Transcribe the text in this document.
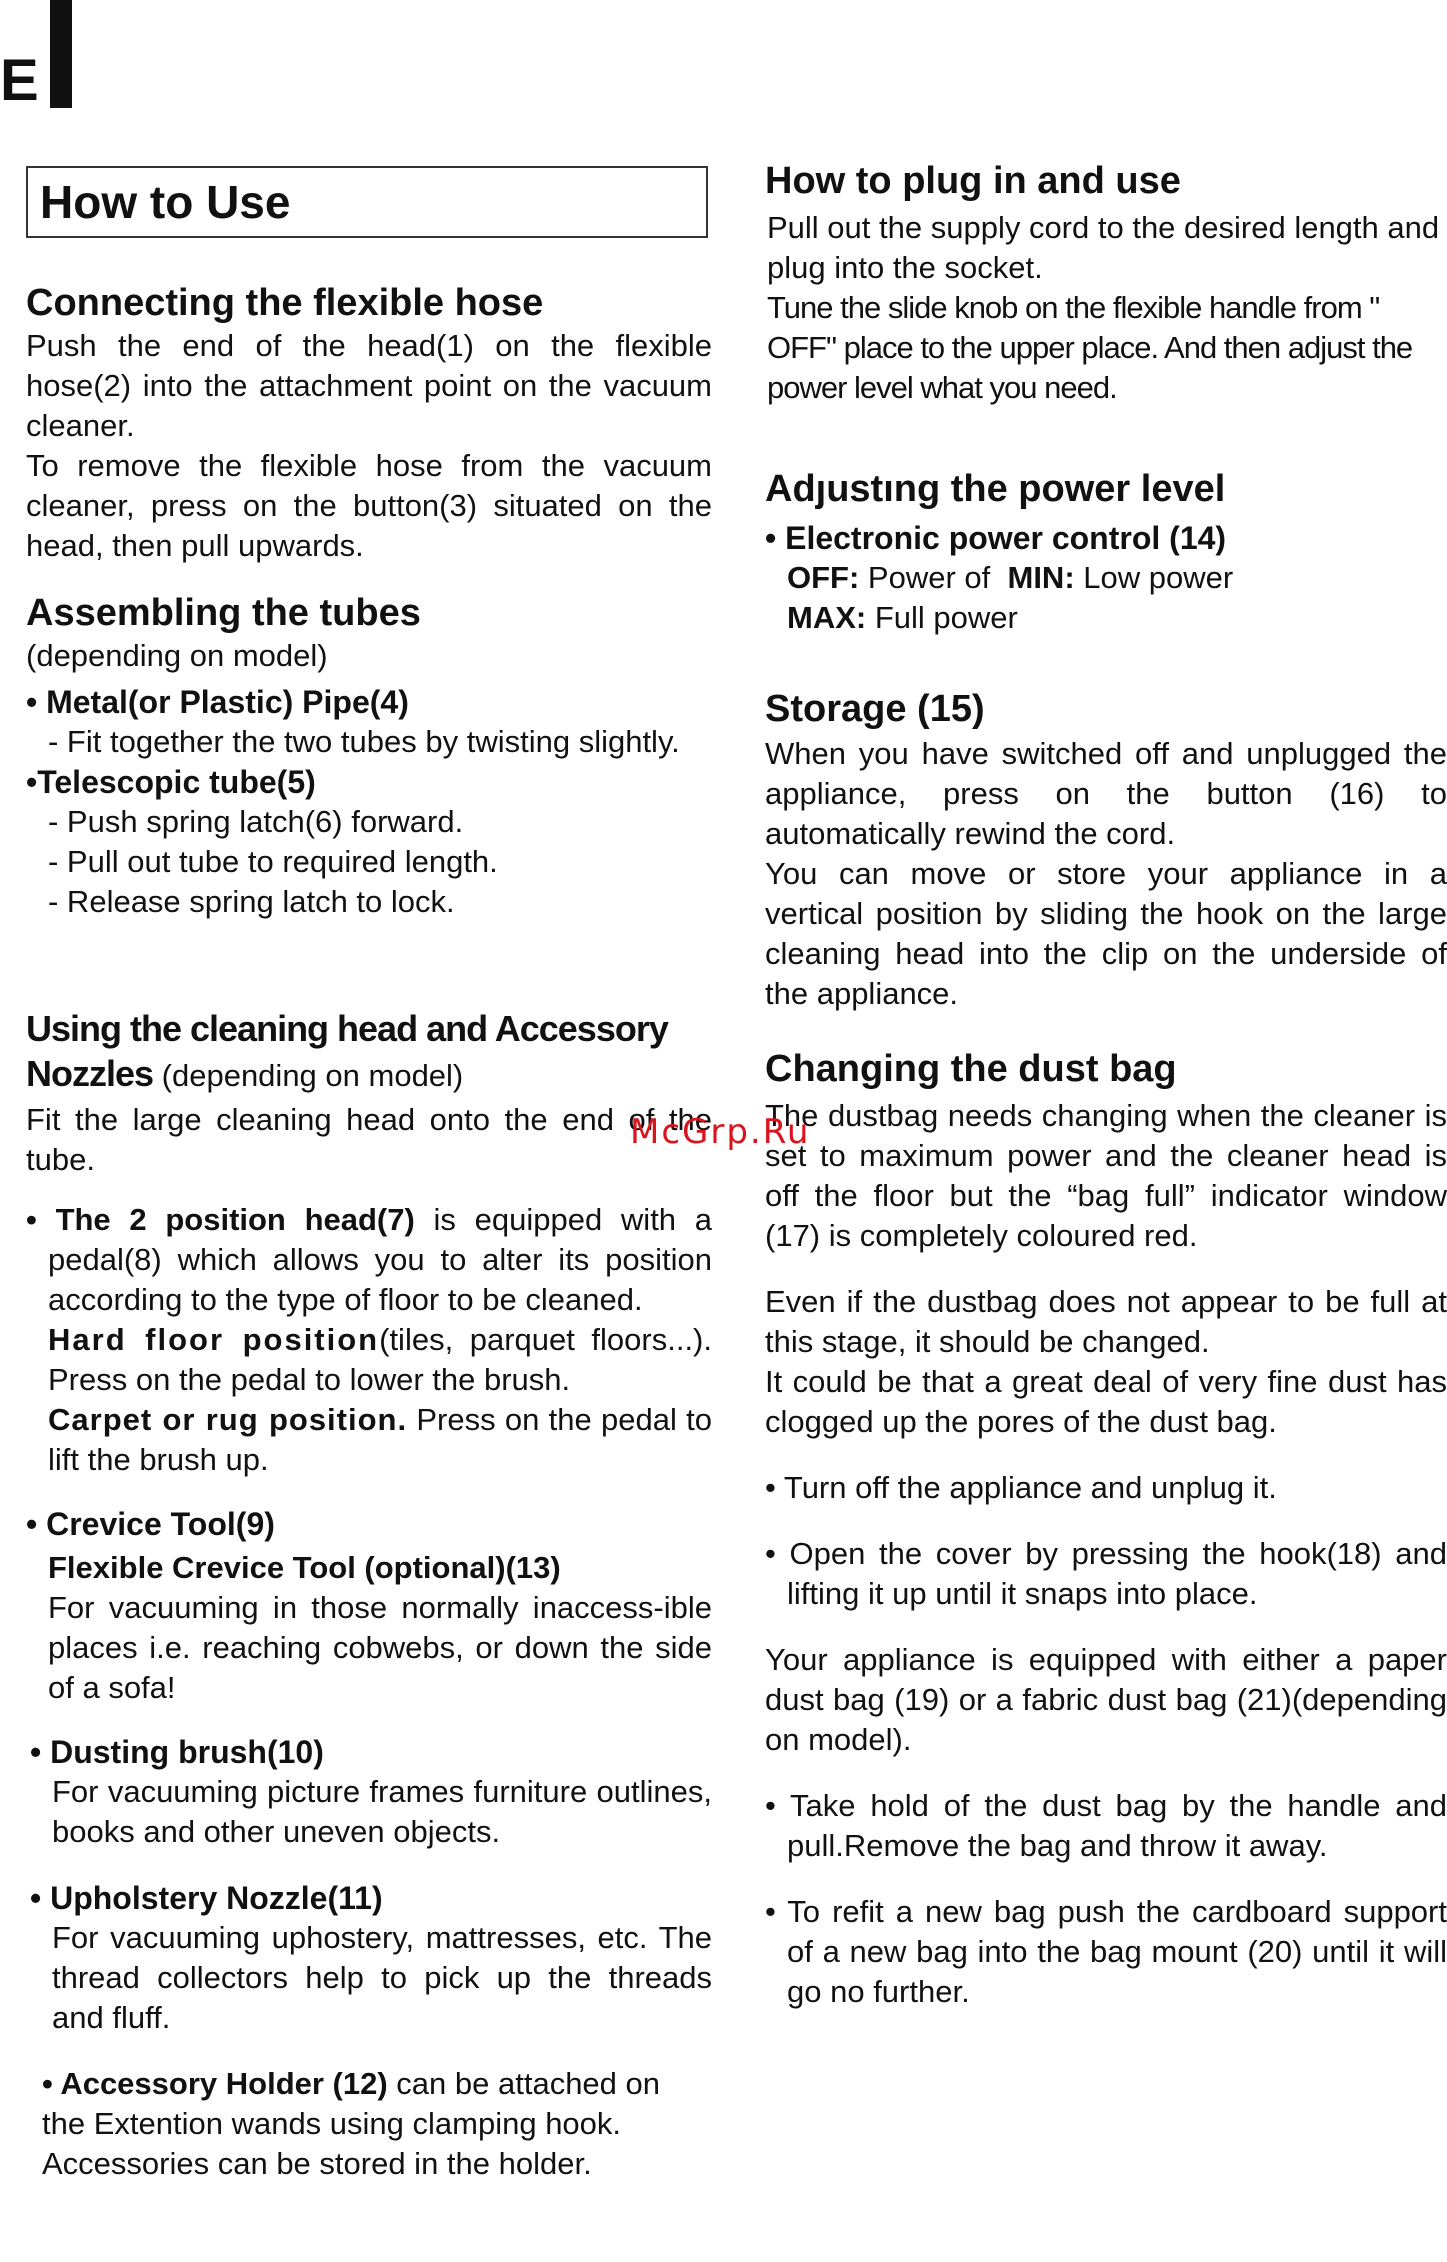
E
How to Use
Connecting the flexible hose

Push the end of the head(1) on the flexible hose(2) into the attachment point on the vacuum cleaner.

To remove the flexible hose from the vacuum cleaner, press on the button(3) situated on the head, then pull upwards.

Assembling the tubes

(depending on model)

• Metal(or Plastic) Pipe(4)

- Fit together the two tubes by twisting slightly.

•Telescopic tube(5)

- Push spring latch(6) forward.

- Pull out tube to required length.

- Release spring latch to lock.

Using the cleaning head and Accessory

Nozzles (depending on model)

Fit the large cleaning head onto the end of the tube.

• The 2 position head(7) is equipped with a pedal(8) which allows you to alter its position according to the type of floor to be cleaned.

Hard floor position(tiles, parquet floors...). Press on the pedal to lower the brush.

Carpet or rug position. Press on the pedal to lift the brush up.

• Crevice Tool(9)

Flexible Crevice Tool (optional)(13)

For vacuuming in those normally inaccess-ible places i.e. reaching cobwebs, or down the side of a sofa!

• Dusting brush(10)

For vacuuming picture frames furniture outlines, books and other uneven objects.

• Upholstery Nozzle(11)

For vacuuming uphostery, mattresses, etc. The thread collectors help to pick up the threads and fluff.

• Accessory Holder (12) can be attached on the Extention wands using clamping hook. Accessories can be stored in the holder.

How to plug in and use

Pull out the supply cord to the desired length and plug into the socket.

Tune the slide knob on the flexible handle from " OFF" place to the upper place. And then adjust the power level what you need.

Adȷustıng the power level

• Electronic power control (14)

OFF: Power of MIN: Low power

MAX: Full power

Storage (15)

When you have switched off and unplugged the appliance, press on the button (16) to automatically rewind the cord.

You can move or store your appliance in a vertical position by sliding the hook on the large cleaning head into the clip on the underside of the appliance.

Changing the dust bag

The dustbag needs changing when the cleaner is set to maximum power and the cleaner head is off the floor but the “bag full” indicator window (17) is completely coloured red.

Even if the dustbag does not appear to be full at this stage, it should be changed.

It could be that a great deal of very fine dust has clogged up the pores of the dust bag.

• Turn off the appliance and unplug it.

• Open the cover by pressing the hook(18) and lifting it up until it snaps into place.

Your appliance is equipped with either a paper dust bag (19) or a fabric dust bag (21)(depending on model).

• Take hold of the dust bag by the handle and pull.Remove the bag and throw it away.

• To refit a new bag push the cardboard support of a new bag into the bag mount (20) until it will go no further.

McGrp.Ru
